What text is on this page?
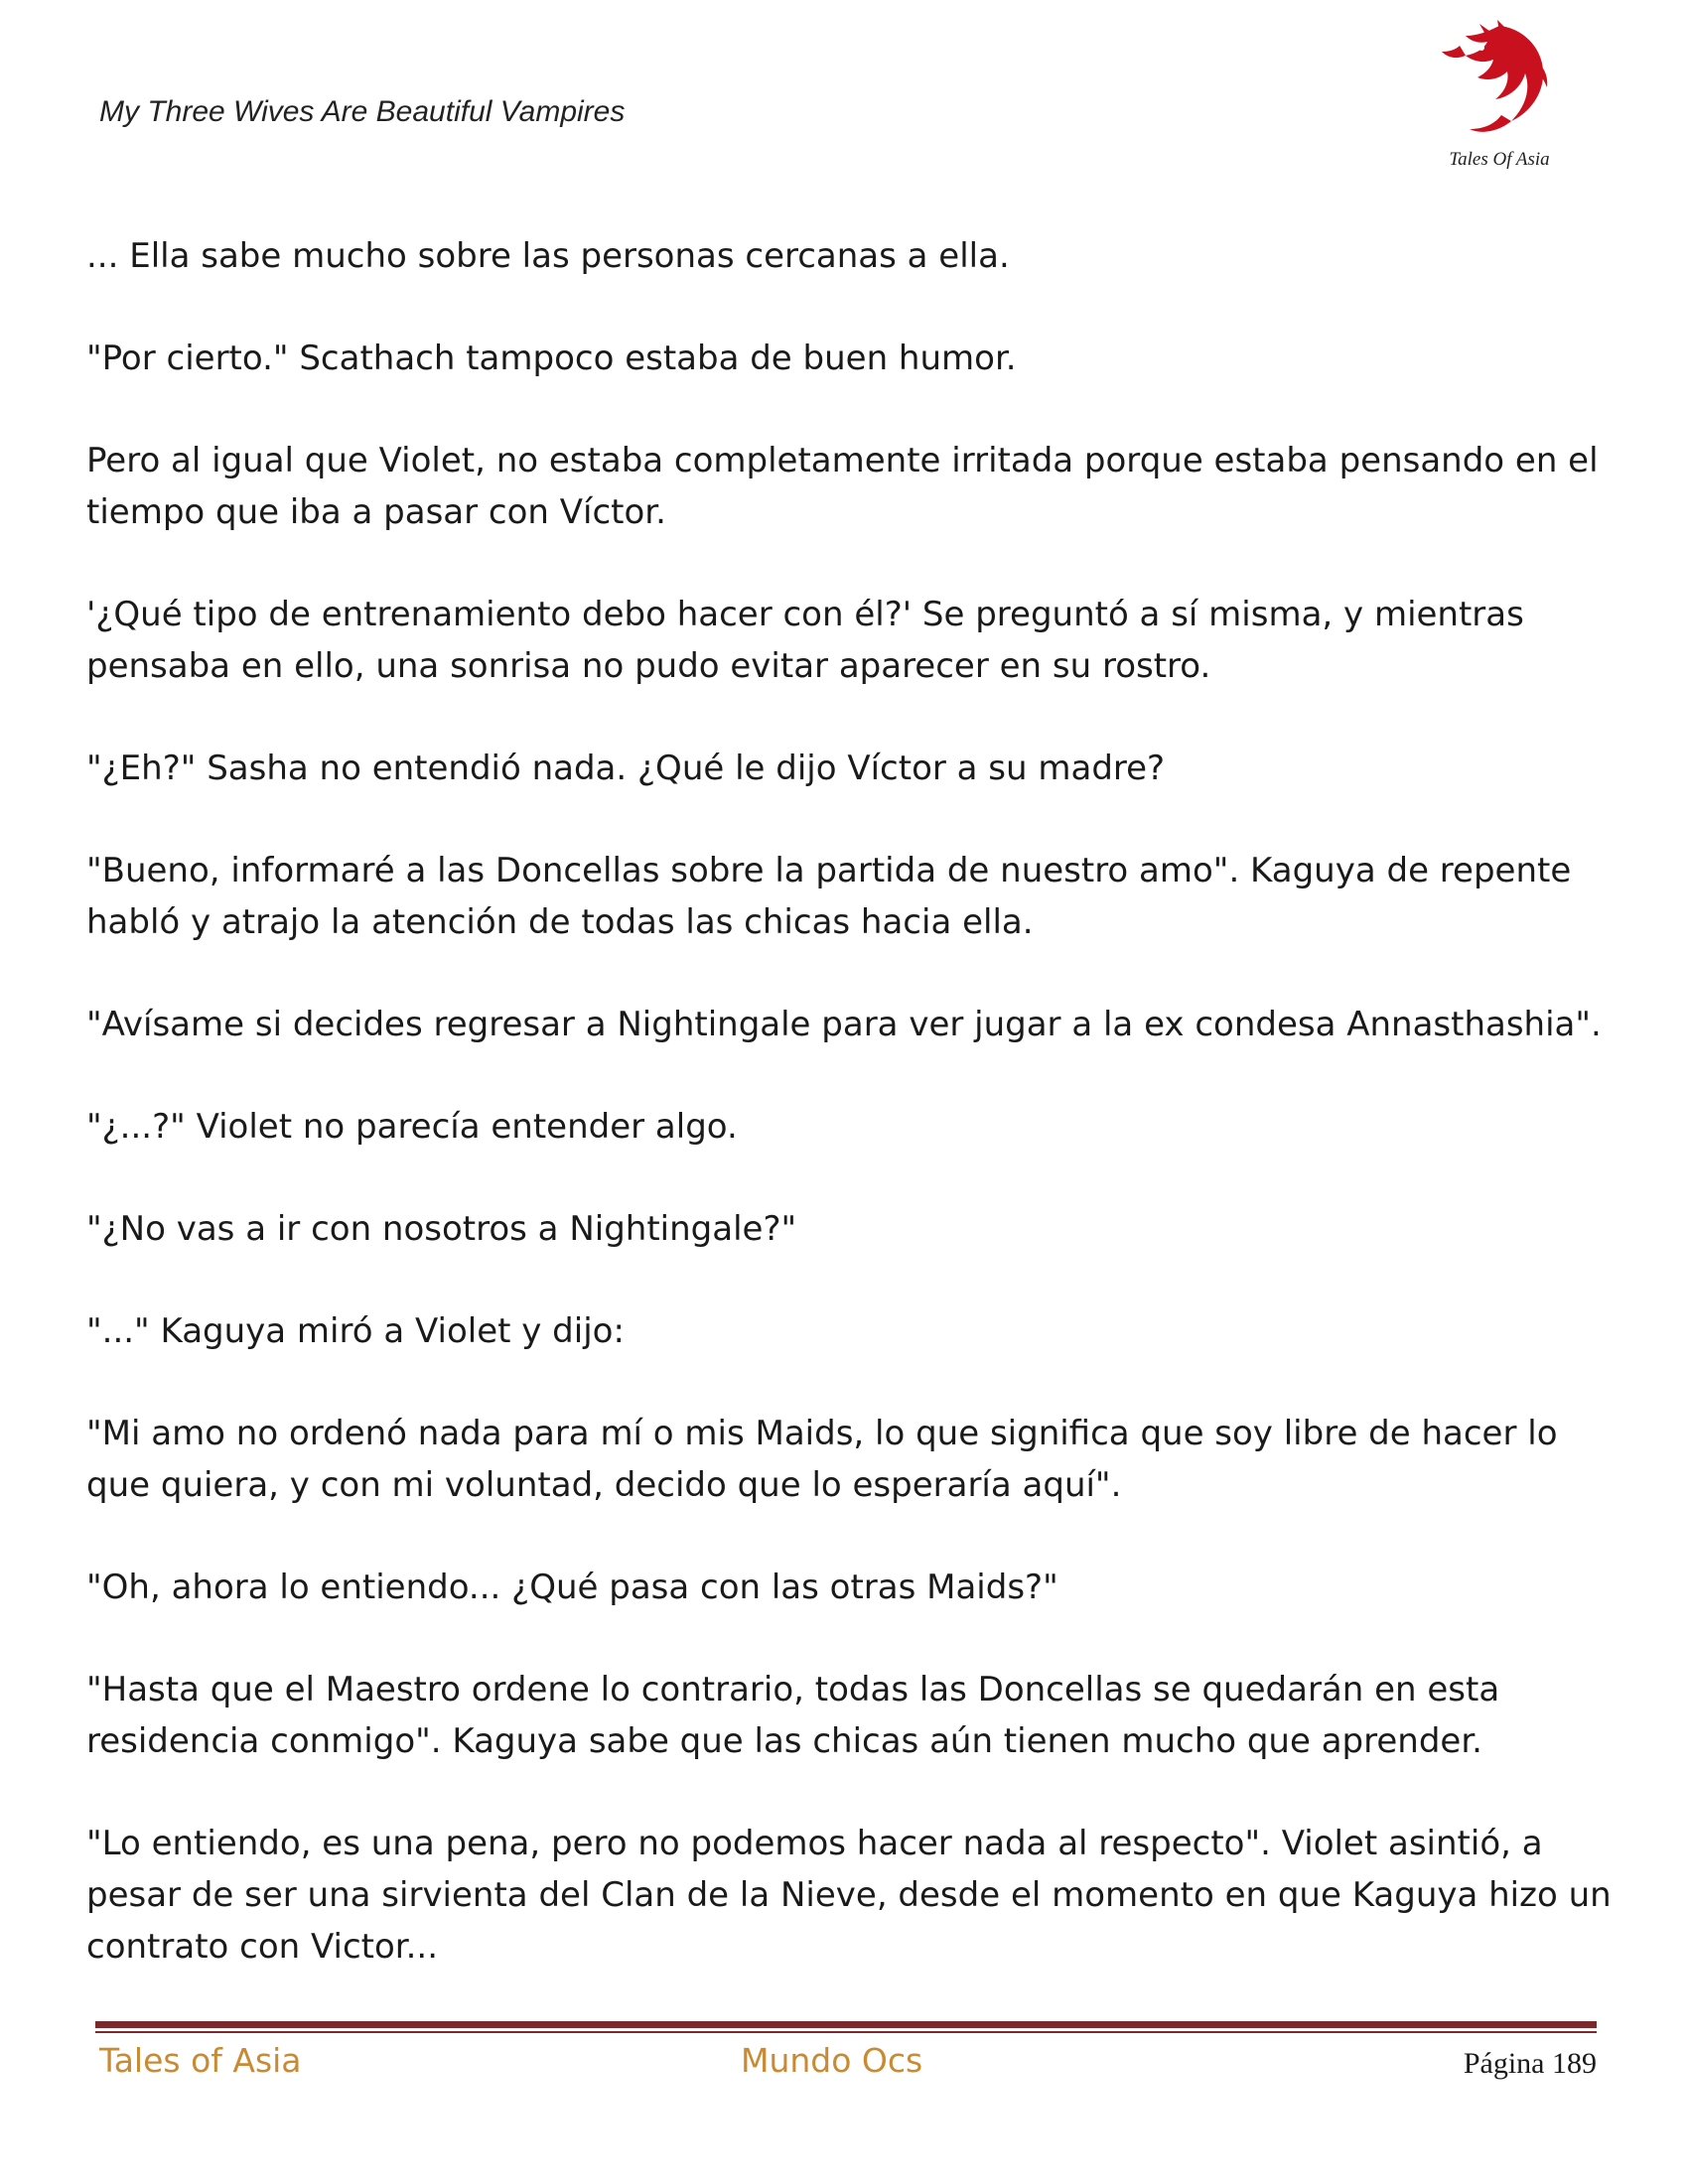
My Three Wives Are Beautiful Vampires
Tales Of Asia

... Ella sabe mucho sobre las personas cercanas a ella.

"Por cierto." Scathach tampoco estaba de buen humor.

Pero al igual que Violet, no estaba completamente irritada porque estaba pensando en el tiempo que iba a pasar con Víctor.

'¿Qué tipo de entrenamiento debo hacer con él?' Se preguntó a sí misma, y mientras pensaba en ello, una sonrisa no pudo evitar aparecer en su rostro.

"¿Eh?" Sasha no entendió nada. ¿Qué le dijo Víctor a su madre?

"Bueno, informaré a las Doncellas sobre la partida de nuestro amo". Kaguya de repente habló y atrajo la atención de todas las chicas hacia ella.

"Avísame si decides regresar a Nightingale para ver jugar a la ex condesa Annasthashia".

"¿...?" Violet no parecía entender algo.

"¿No vas a ir con nosotros a Nightingale?"

"..." Kaguya miró a Violet y dijo:

"Mi amo no ordenó nada para mí o mis Maids, lo que significa que soy libre de hacer lo que quiera, y con mi voluntad, decido que lo esperaría aquí".

"Oh, ahora lo entiendo... ¿Qué pasa con las otras Maids?"

"Hasta que el Maestro ordene lo contrario, todas las Doncellas se quedarán en esta residencia conmigo". Kaguya sabe que las chicas aún tienen mucho que aprender.

"Lo entiendo, es una pena, pero no podemos hacer nada al respecto". Violet asintió, a pesar de ser una sirvienta del Clan de la Nieve, desde el momento en que Kaguya hizo un contrato con Victor...

Tales of Asia	Mundo Ocs	Página 189
